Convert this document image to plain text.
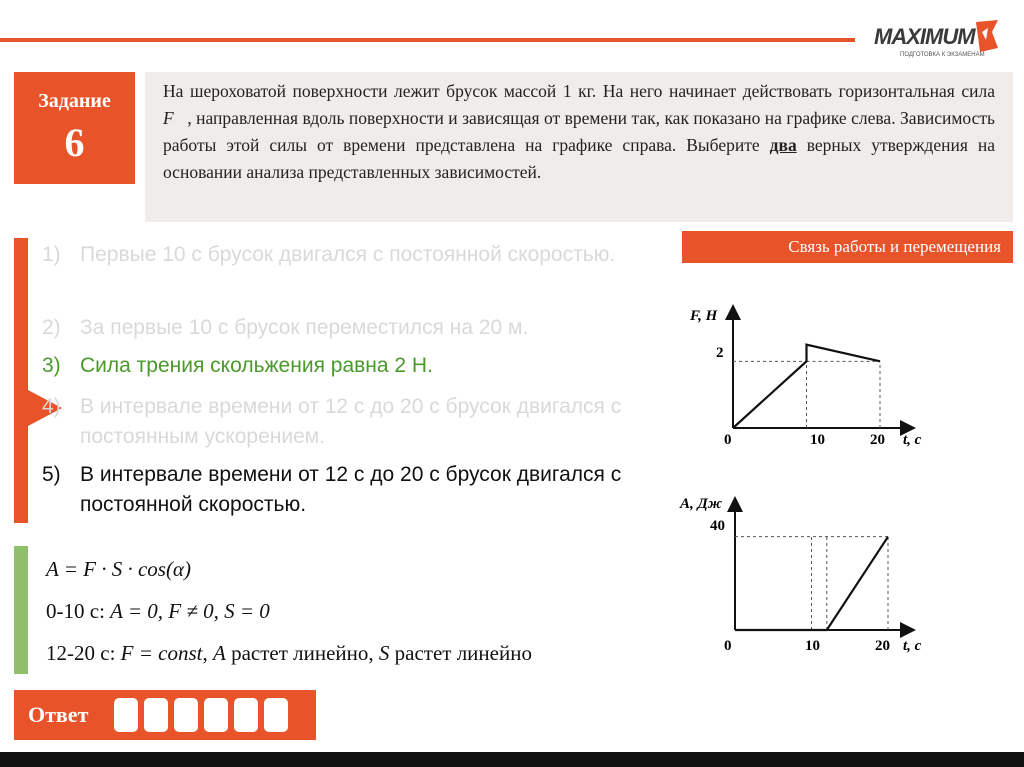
MAXIMUM
ПОДГОТОВКА К ЭКЗАМЕНАМ
Задание
6
На шероховатой поверхности лежит брусок массой 1 кг. На него начинает действовать горизонтальная сила F⃗, направленная вдоль поверхности и зависящая от времени так, как показано на графике слева. Зависимость работы этой силы от времени представлена на графике справа. Выберите два верных утверждения на основании анализа представленных зависимостей.
Связь работы и перемещения
1) Первые 10 с брусок двигался с постоянной скоростью.
2) За первые 10 с брусок переместился на 20 м.
3) Сила трения скольжения равна 2 Н.
4) В интервале времени от 12 с до 20 с брусок двигался с постоянным ускорением.
5) В интервале времени от 12 с до 20 с брусок двигался с постоянной скоростью.
A = F · S · cos(α)
0-10 с: A = 0, F ≠ 0, S = 0
12-20 с: F = const, A растет линейно, S растет линейно
F, Н
t, с
0	10	20
2
A, Дж
t, с
0	10	20
40
Ответ
